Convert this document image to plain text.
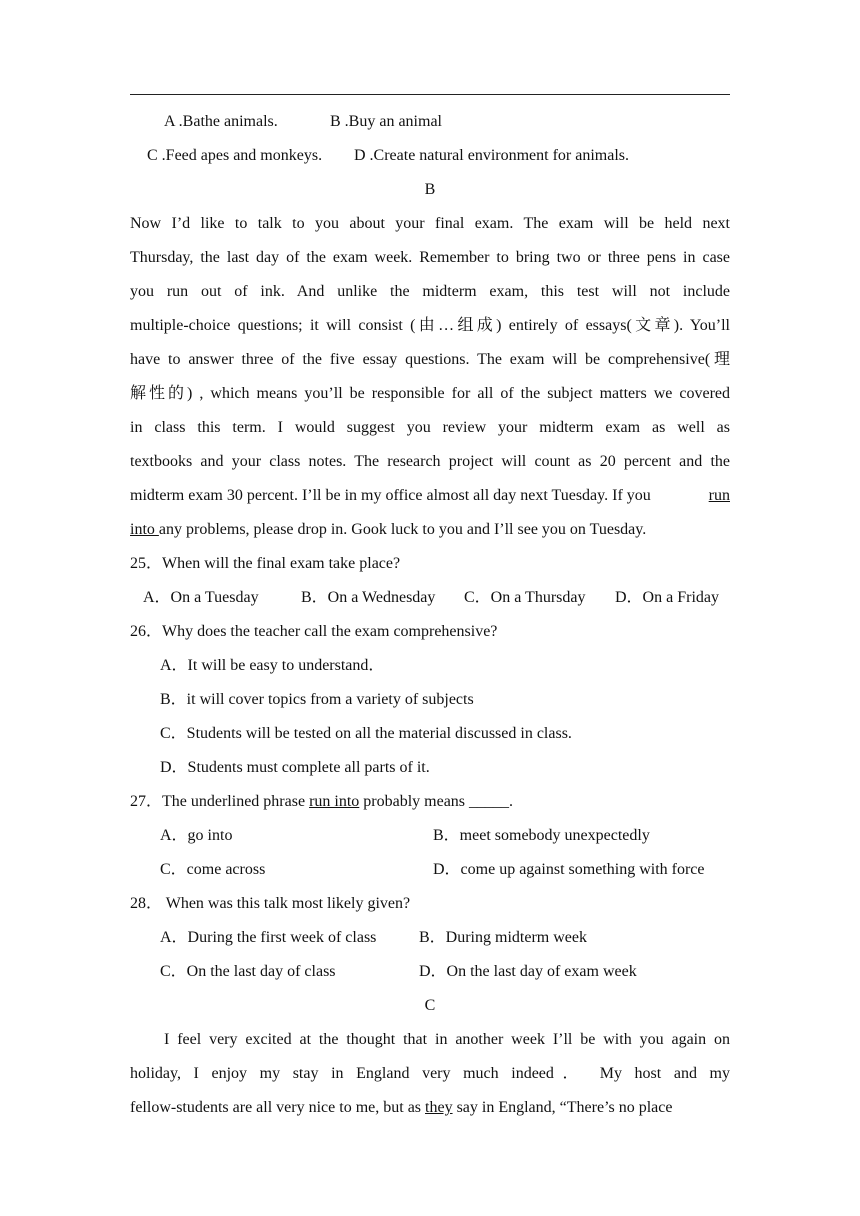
A .Bathe animals.	B .Buy an animal
C .Feed apes and monkeys. D .Create natural environment for animals.
B
Now I’d like to talk to you about your final exam. The exam will be held next
Thursday, the last day of the exam week. Remember to bring two or three pens in case
you run out of ink. And unlike the midterm exam, this test will not include
multiple-choice questions; it will consist (由…组成) entirely of essays(文章). You’ll
have to answer three of the five essay questions. The exam will be comprehensive(理
解性的) , which means you’ll be responsible for all of the subject matters we covered
in class this term. I would suggest you review your midterm exam as well as
textbooks and your class notes. The research project will count as 20 percent and the
midterm exam 30 percent. I’ll be in my office almost all day next Tuesday. If you	run
into any problems, please drop in. Gook luck to you and I’ll see you on Tuesday.
25．When will the final exam take place?
A．On a Tuesday	B．On a Wednesday C．On a Thursday D．On a Friday
26．Why does the teacher call the exam comprehensive?
A．It will be easy to understand．
B．it will cover topics from a variety of subjects
C．Students will be tested on all the material discussed in class.
D．Students must complete all parts of it.
27．The underlined phrase run into probably means _____.
A．go into	B．meet somebody unexpectedly
C．come across	D．come up against something with force
28． When was this talk most likely given?
A．During the first week of class	B．During midterm week
C．On the last day of class	D．On the last day of exam week
C
I feel very excited at the thought that in another week I’ll be with you again on
holiday, I enjoy my stay in England very much indeed． My host and my
fellow-students are all very nice to me, but as they say in England, “There’s no place
